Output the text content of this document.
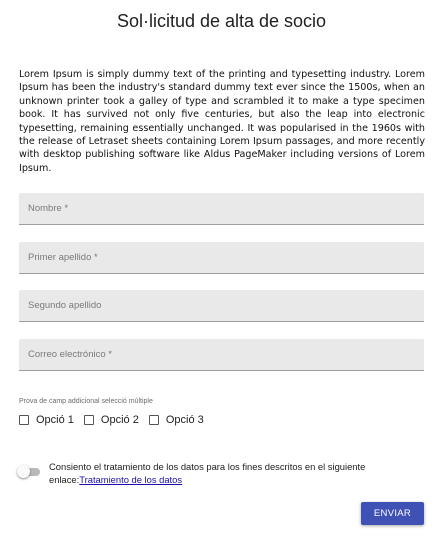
Sol·licitud de alta de socio

Lorem Ipsum is simply dummy text of the printing and typesetting industry. Lorem Ipsum has been the industry's standard dummy text ever since the 1500s, when an unknown printer took a galley of type and scrambled it to make a type specimen book. It has survived not only five centuries, but also the leap into electronic typesetting, remaining essentially unchanged. It was popularised in the 1960s with the release of Letraset sheets containing Lorem Ipsum passages, and more recently with desktop publishing software like Aldus PageMaker including versions of Lorem Ipsum.

Nombre *
Primer apellido *
Segundo apellido
Correo electrónico *
Prova de camp addicional selecció múltiple
Opció 1 Opció 2 Opció 3
Consiento el tratamiento de los datos para los fines descritos en el siguiente enlace:Tratamiento de los datos
ENVIAR
